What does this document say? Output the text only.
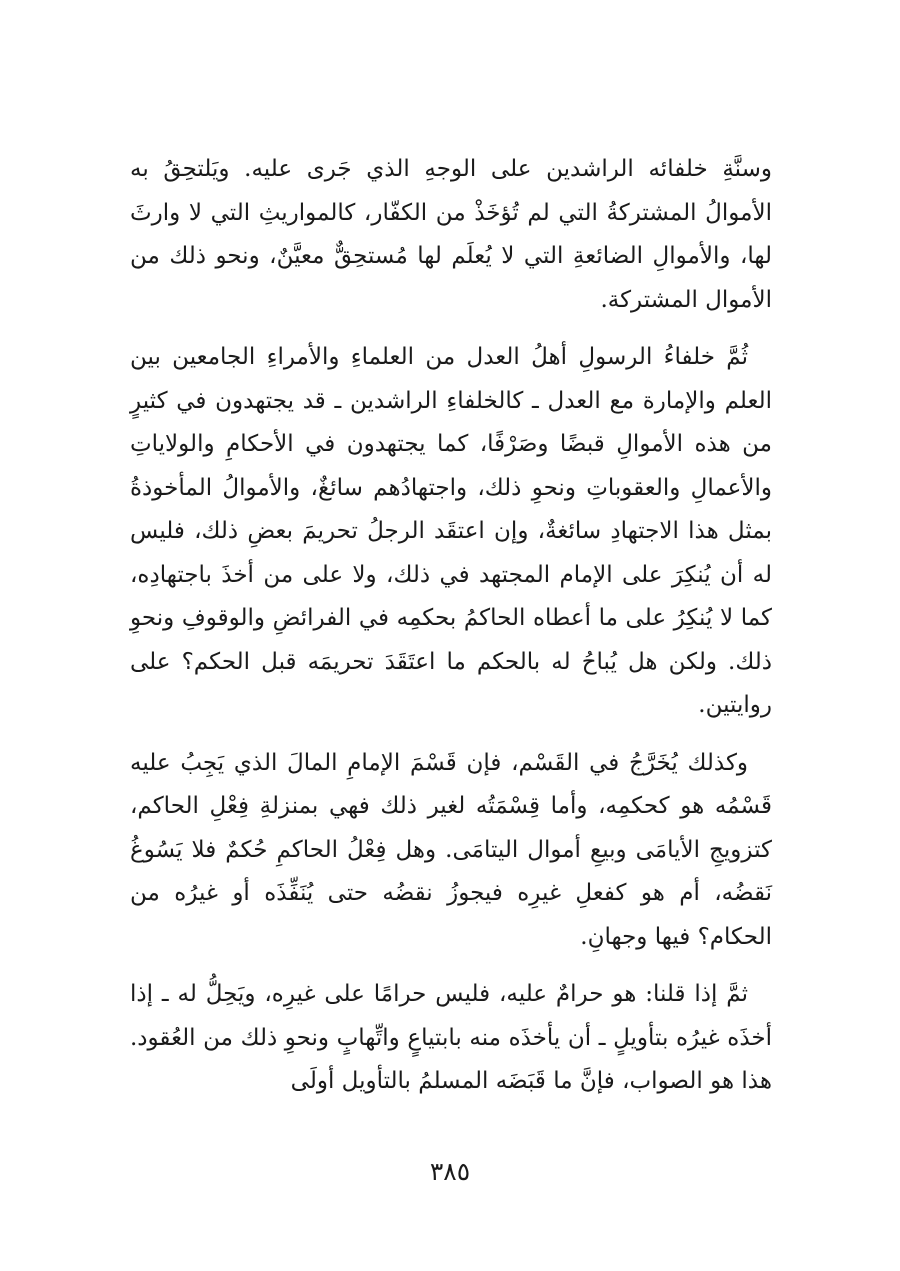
وسنَّةِ خلفائه الراشدين على الوجهِ الذي جَرى عليه. ويَلتحِقُ به الأموالُ المشتركةُ التي لم تُؤخَذْ من الكفّار، كالمواريثِ التي لا وارثَ لها، والأموالِ الضائعةِ التي لا يُعلَم لها مُستحِقٌّ معيَّنٌ، ونحو ذلك من الأموال المشتركة.

ثُمَّ خلفاءُ الرسولِ أهلُ العدل من العلماءِ والأمراءِ الجامعين بين العلم والإمارة مع العدل ـ كالخلفاءِ الراشدين ـ قد يجتهدون في كثيرٍ من هذه الأموالِ قبضًا وصَرْفًا، كما يجتهدون في الأحكامِ والولاياتِ والأعمالِ والعقوباتِ ونحوِ ذلك، واجتهادُهم سائغٌ، والأموالُ المأخوذةُ بمثل هذا الاجتهادِ سائغةٌ، وإن اعتقَد الرجلُ تحريمَ بعضِ ذلك، فليس له أن يُنكِرَ على الإمام المجتهد في ذلك، ولا على من أخذَ باجتهادِه، كما لا يُنكِرُ على ما أعطاه الحاكمُ بحكمِه في الفرائضِ والوقوفِ ونحوِ ذلك. ولكن هل يُباحُ له بالحكم ما اعتَقَدَ تحريمَه قبل الحكم؟ على روايتين.

وكذلك يُخَرَّجُ في القَسْم، فإن قَسْمَ الإمامِ المالَ الذي يَجِبُ عليه قَسْمُه هو كحكمِه، وأما قِسْمَتُه لغير ذلك فهي بمنزلةِ فِعْلِ الحاكم، كتزويجِ الأيامَى وبيعِ أموال اليتامَى. وهل فِعْلُ الحاكمِ حُكمٌ فلا يَسُوغُ نَقضُه، أم هو كفعلِ غيرِه فيجوزُ نقضُه حتى يُنَفِّذَه أو غيرُه من الحكام؟ فيها وجهانِ.

ثمَّ إذا قلنا: هو حرامٌ عليه، فليس حرامًا على غيرِه، ويَحِلُّ له ـ إذا أخذَه غيرُه بتأويلٍ ـ أن يأخذَه منه بابتياعٍ واتِّهابٍ ونحوِ ذلك من العُقود. هذا هو الصواب، فإنَّ ما قَبَضَه المسلمُ بالتأويل أولَى

٣٨٥
